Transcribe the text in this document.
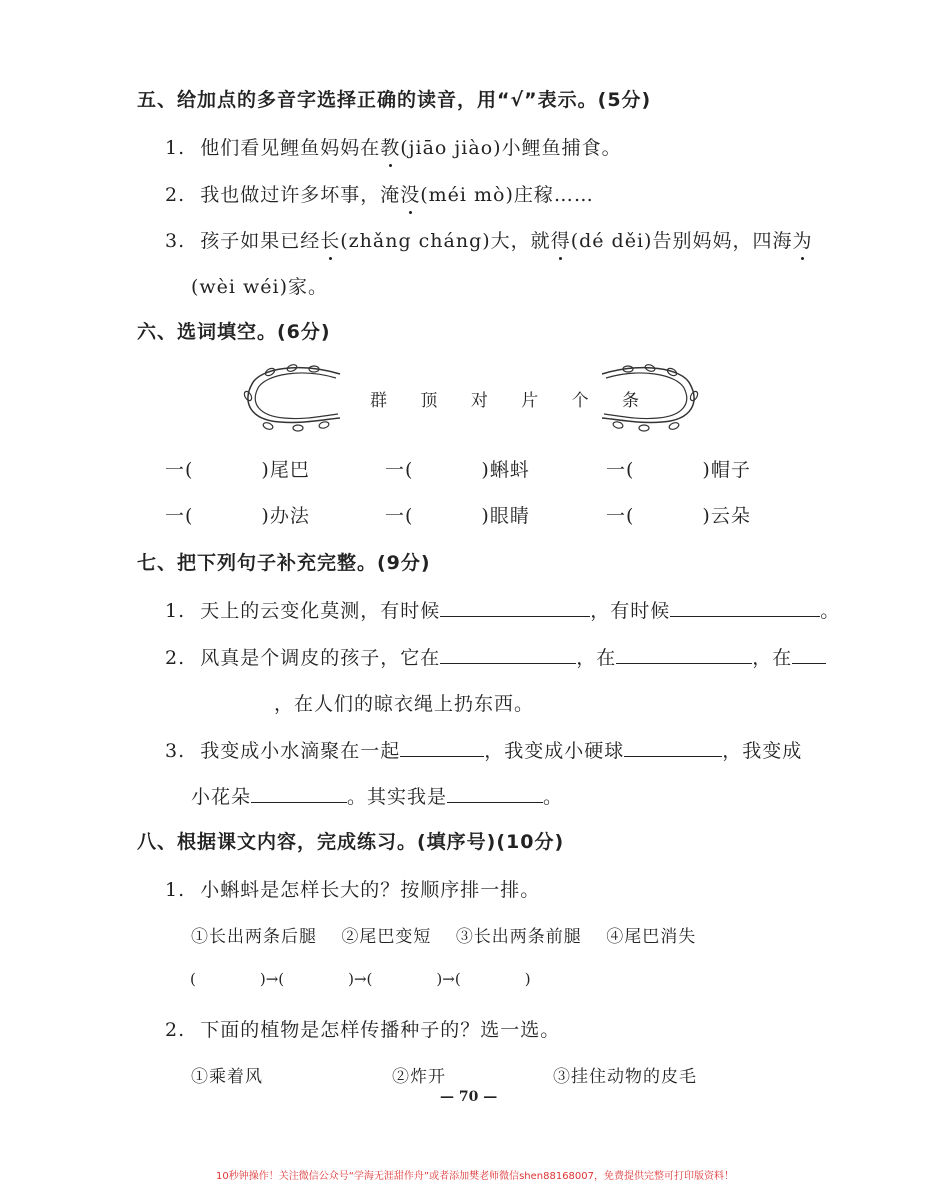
五、给加点的多音字选择正确的读音，用“√”表示。(5分)
1. 他们看见鲤鱼妈妈在教(jiāo jiào)小鲤鱼捕食。
2. 我也做过许多坏事，淹没(méi mò)庄稼……
3. 孩子如果已经长(zhǎng cháng)大，就得(dé děi)告别妈妈，四海为
(wèi wéi)家。
六、选词填空。(6分)
群 顶 对 片 个 条
一(	)尾巴	一(	)蝌蚪	一(	)帽子
一(	)办法	一(	)眼睛	一(	)云朵
七、把下列句子补充完整。(9分)
1. 天上的云变化莫测，有时候	，有时候	。
2. 风真是个调皮的孩子，它在	，在	，在
，在人们的晾衣绳上扔东西。
3. 我变成小水滴聚在一起	，我变成小硬球	，我变成
小花朵	。其实我是	。
八、根据课文内容，完成练习。(填序号)(10分)
1. 小蝌蚪是怎样长大的？按顺序排一排。
①长出两条后腿 ②尾巴变短 ③长出两条前腿 ④尾巴消失
(	)→(	)→(	)→(	)
2. 下面的植物是怎样传播种子的？选一选。
①乘着风	②炸开	③挂住动物的皮毛
— 70 —
10秒钟操作！关注微信公众号“学海无涯甜作舟”或者添加樊老师微信shen88168007，免费提供完整可打印版资料！
